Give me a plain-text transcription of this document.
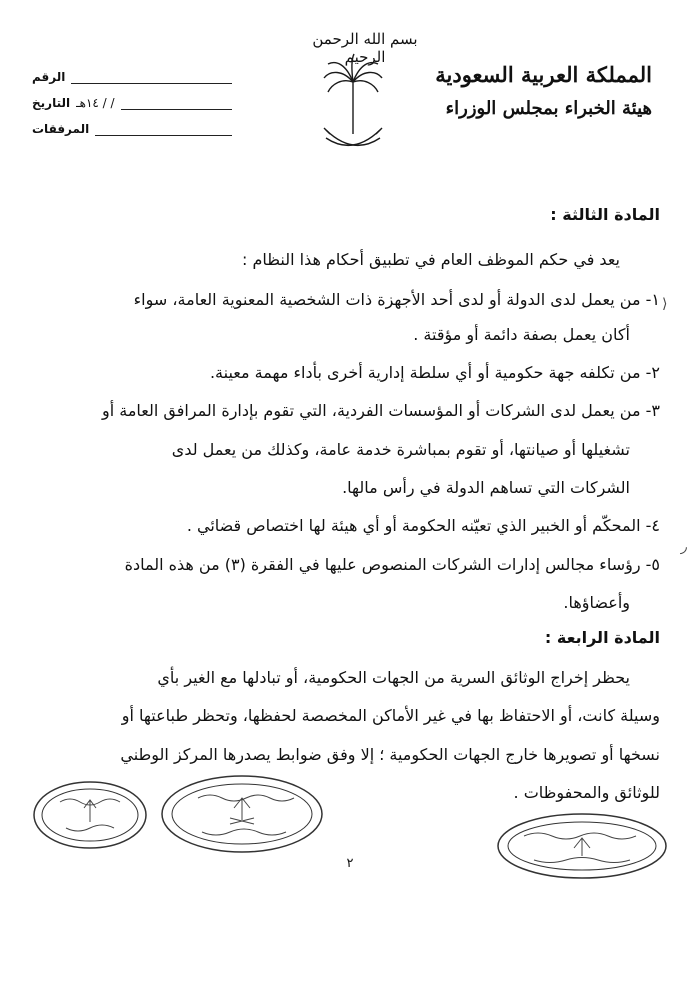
بسم الله الرحمن الرحيم
المملكة العربية السعودية
هيئة الخبراء بمجلس الوزراء
الرقم
التاريخ / / ١٤هـ
المرفقات
المادة الثالثة :
يعد في حكم الموظف العام في تطبيق أحكام هذا النظام :
١- من يعمل لدى الدولة أو لدى أحد الأجهزة ذات الشخصية المعنوية العامة، سواء
أكان يعمل بصفة دائمة أو مؤقتة .
٢- من تكلفه جهة حكومية أو أي سلطة إدارية أخرى بأداء مهمة معينة.
٣- من يعمل لدى الشركات أو المؤسسات الفردية، التي تقوم بإدارة المرافق العامة أو
تشغيلها أو صيانتها، أو تقوم بمباشرة خدمة عامة، وكذلك من يعمل لدى
الشركات التي تساهم الدولة في رأس مالها.
٤- المحكّم أو الخبير الذي تعيّنه الحكومة أو أي هيئة لها اختصاص قضائي .
٥- رؤساء مجالس إدارات الشركات المنصوص عليها في الفقرة (٣) من هذه المادة
وأعضاؤها.
المادة الرابعة :
يحظر إخراج الوثائق السرية من الجهات الحكومية، أو تبادلها مع الغير بأي
وسيلة كانت، أو الاحتفاظ بها في غير الأماكن المخصصة لحفظها، وتحظر طباعتها أو
نسخها أو تصويرها خارج الجهات الحكومية ؛ إلا وفق ضوابط يصدرها المركز الوطني
للوثائق والمحفوظات .
⟩
◞
٢
